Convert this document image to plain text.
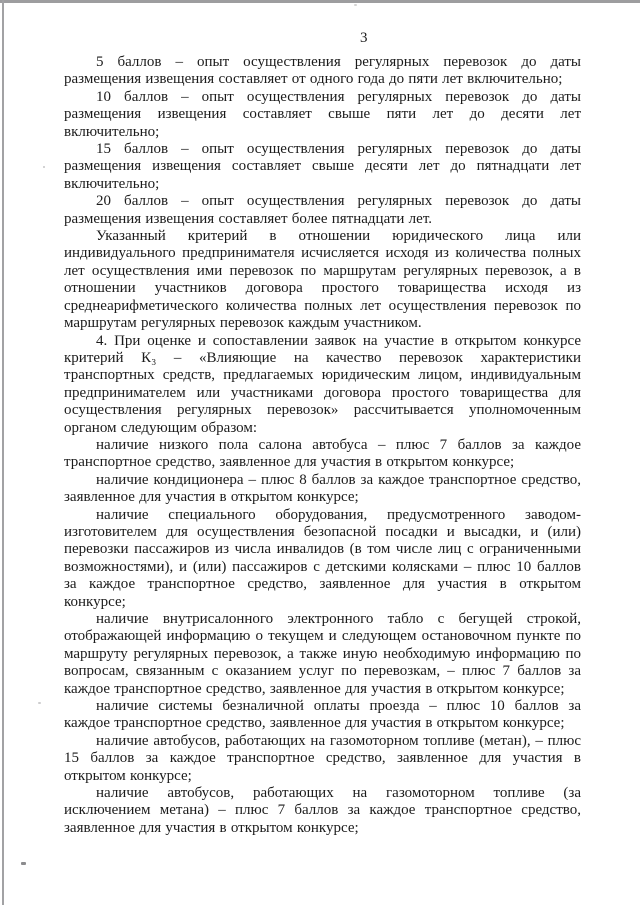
3

5 баллов – опыт осуществления регулярных перевозок до даты размещения извещения составляет от одного года до пяти лет включительно;

10 баллов – опыт осуществления регулярных перевозок до даты размещения извещения составляет свыше пяти лет до десяти лет включительно;

15 баллов – опыт осуществления регулярных перевозок до даты размещения извещения составляет свыше десяти лет до пятнадцати лет включительно;

20 баллов – опыт осуществления регулярных перевозок до даты размещения извещения составляет более пятнадцати лет.

Указанный критерий в отношении юридического лица или индивидуального предпринимателя исчисляется исходя из количества полных лет осуществления ими перевозок по маршрутам регулярных перевозок, а в отношении участников договора простого товарищества исходя из среднеарифметического количества полных лет осуществления перевозок по маршрутам регулярных перевозок каждым участником.

4. При оценке и сопоставлении заявок на участие в открытом конкурсе критерий К₃ – «Влияющие на качество перевозок характеристики транспортных средств, предлагаемых юридическим лицом, индивидуальным предпринимателем или участниками договора простого товарищества для осуществления регулярных перевозок» рассчитывается уполномоченным органом следующим образом:

наличие низкого пола салона автобуса – плюс 7 баллов за каждое транспортное средство, заявленное для участия в открытом конкурсе;

наличие кондиционера – плюс 8 баллов за каждое транспортное средство, заявленное для участия в открытом конкурсе;

наличие специального оборудования, предусмотренного заводом-изготовителем для осуществления безопасной посадки и высадки, и (или) перевозки пассажиров из числа инвалидов (в том числе лиц с ограниченными возможностями), и (или) пассажиров с детскими колясками – плюс 10 баллов за каждое транспортное средство, заявленное для участия в открытом конкурсе;

наличие внутрисалонного электронного табло с бегущей строкой, отображающей информацию о текущем и следующем остановочном пункте по маршруту регулярных перевозок, а также иную необходимую информацию по вопросам, связанным с оказанием услуг по перевозкам, – плюс 7 баллов за каждое транспортное средство, заявленное для участия в открытом конкурсе;

наличие системы безналичной оплаты проезда – плюс 10 баллов за каждое транспортное средство, заявленное для участия в открытом конкурсе;

наличие автобусов, работающих на газомоторном топливе (метан), – плюс 15 баллов за каждое транспортное средство, заявленное для участия в открытом конкурсе;

наличие автобусов, работающих на газомоторном топливе (за исключением метана) – плюс 7 баллов за каждое транспортное средство, заявленное для участия в открытом конкурсе;
